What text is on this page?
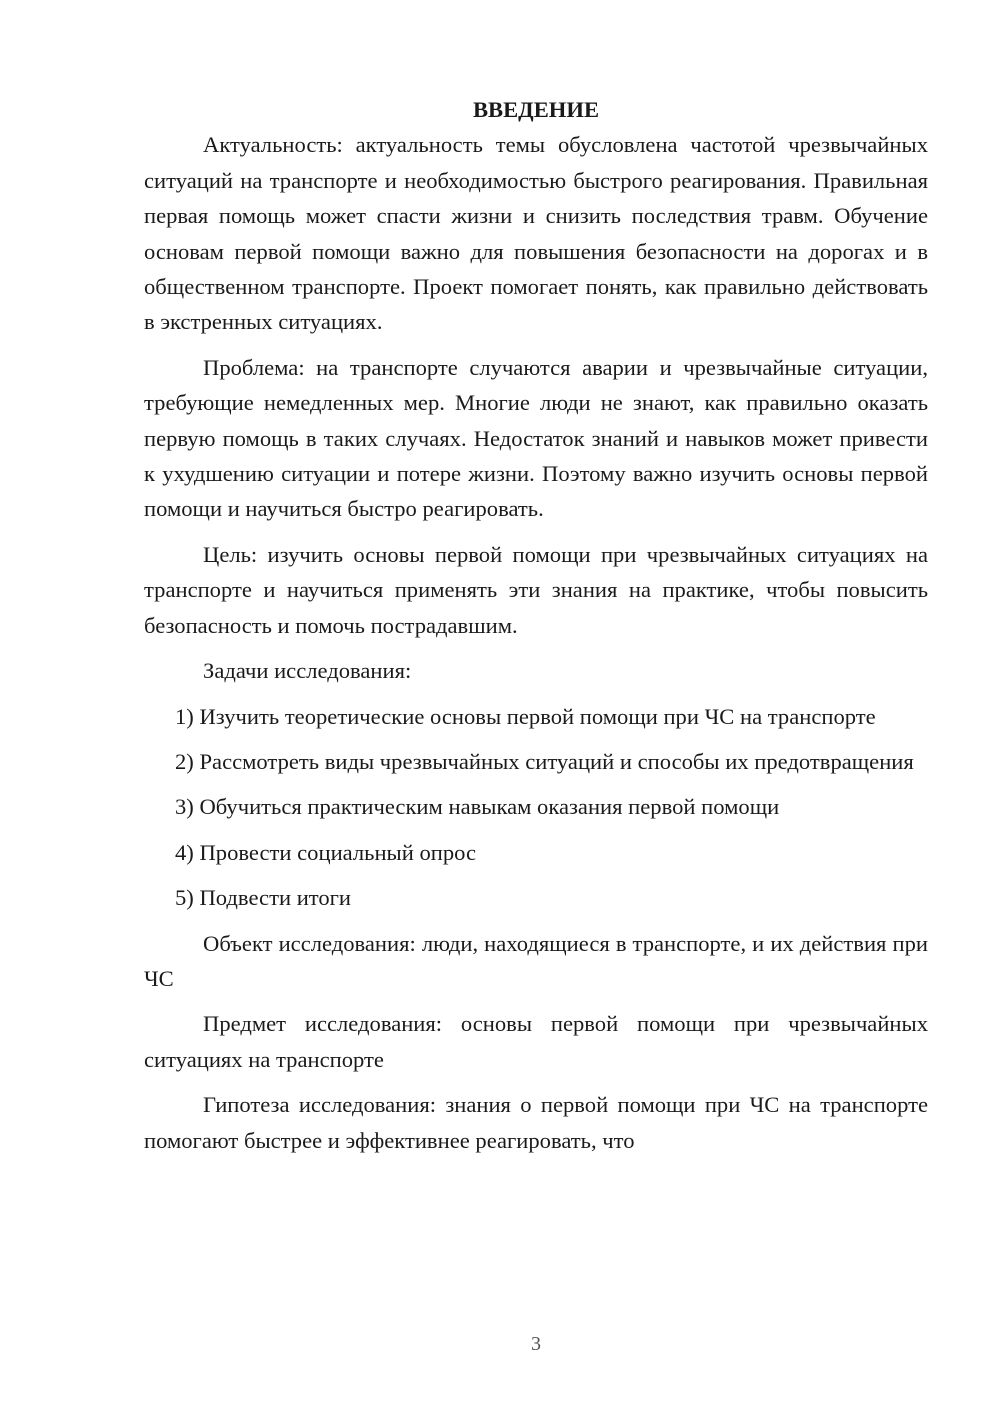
ВВЕДЕНИЕ

Актуальность: актуальность темы обусловлена частотой чрезвычайных ситуаций на транспорте и необходимостью быстрого реагирования. Правильная первая помощь может спасти жизни и снизить последствия травм. Обучение основам первой помощи важно для повышения безопасности на дорогах и в общественном транспорте. Проект помогает понять, как правильно действовать в экстренных ситуациях.

Проблема: на транспорте случаются аварии и чрезвычайные ситуации, требующие немедленных мер. Многие люди не знают, как правильно оказать первую помощь в таких случаях. Недостаток знаний и навыков может привести к ухудшению ситуации и потере жизни. Поэтому важно изучить основы первой помощи и научиться быстро реагировать.

Цель: изучить основы первой помощи при чрезвычайных ситуациях на транспорте и научиться применять эти знания на практике, чтобы повысить безопасность и помочь пострадавшим.

Задачи исследования:

1) Изучить теоретические основы первой помощи при ЧС на транспорте

2) Рассмотреть виды чрезвычайных ситуаций и способы их предотвращения

3) Обучиться практическим навыкам оказания первой помощи

4) Провести социальный опрос

5) Подвести итоги

Объект исследования: люди, находящиеся в транспорте, и их действия при ЧС

Предмет исследования: основы первой помощи при чрезвычайных ситуациях на транспорте

Гипотеза исследования: знания о первой помощи при ЧС на транспорте помогают быстрее и эффективнее реагировать, что

3
